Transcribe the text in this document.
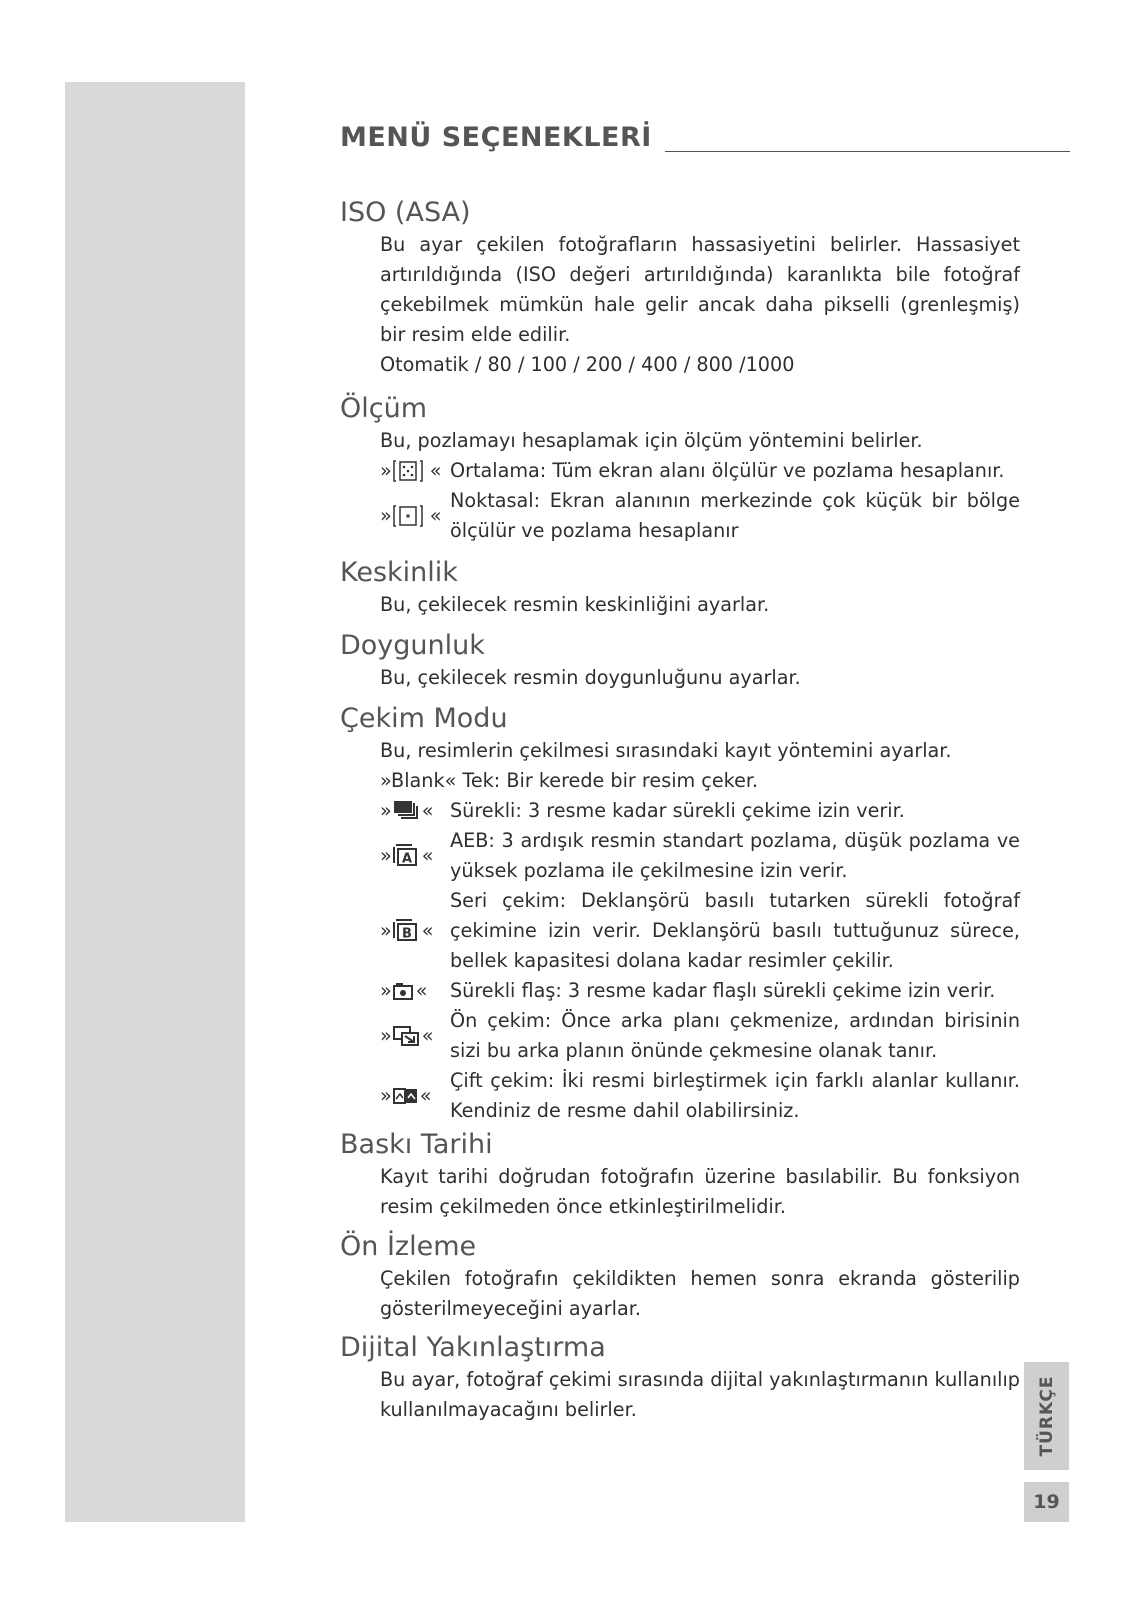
MENÜ SEÇENEKLERİ
ISO (ASA)
Bu ayar çekilen fotoğrafların hassasiyetini belirler. Hassasiyet artırıldığında (ISO değeri artırıldığında) karanlıkta bile fotoğraf çekebilmek mümkün hale gelir ancak daha pikselli (grenleşmiş) bir resim elde edilir.
Otomatik / 80 / 100 / 200 / 400 / 800 /1000
Ölçüm
Bu, pozlamayı hesaplamak için ölçüm yöntemini belirler.
» « Ortalama: Tüm ekran alanı ölçülür ve pozlama hesaplanır.
» «
Noktasal: Ekran alanının merkezinde çok küçük bir bölge ölçülür ve pozlama hesaplanır
Keskinlik
Bu, çekilecek resmin keskinliğini ayarlar.
Doygunluk
Bu, çekilecek resmin doygunluğunu ayarlar.
Çekim Modu
Bu, resimlerin çekilmesi sırasındaki kayıt yöntemini ayarlar.
»Blank« Tek: Bir kerede bir resim çeker.
» « Sürekli: 3 resme kadar sürekli çekime izin verir.
» A «
AEB: 3 ardışık resmin standart pozlama, düşük pozlama ve yüksek pozlama ile çekilmesine izin verir.
» B «
Seri çekim: Deklanşörü basılı tutarken sürekli fotoğraf çekimine izin verir. Deklanşörü basılı tuttuğunuz sürece, bellek kapasitesi dolana kadar resimler çekilir.
» «	Sürekli flaş: 3 resme kadar flaşlı sürekli çekime izin verir.
» «
Ön çekim: Önce arka planı çekmenize, ardından birisinin sizi bu arka planın önünde çekmesine olanak tanır.
» «
Çift çekim: İki resmi birleştirmek için farklı alanlar kullanır. Kendiniz de resme dahil olabilirsiniz.
Baskı Tarihi
Kayıt tarihi doğrudan fotoğrafın üzerine basılabilir. Bu fonksiyon resim çekilmeden önce etkinleştirilmelidir.
Ön İzleme
Çekilen fotoğrafın çekildikten hemen sonra ekranda gösterilip gösterilmeyeceğini ayarlar.
Dijital Yakınlaştırma
Bu ayar, fotoğraf çekimi sırasında dijital yakınlaştırmanın kullanılıp kullanılmayacağını belirler.	TÜRKÇE
19
